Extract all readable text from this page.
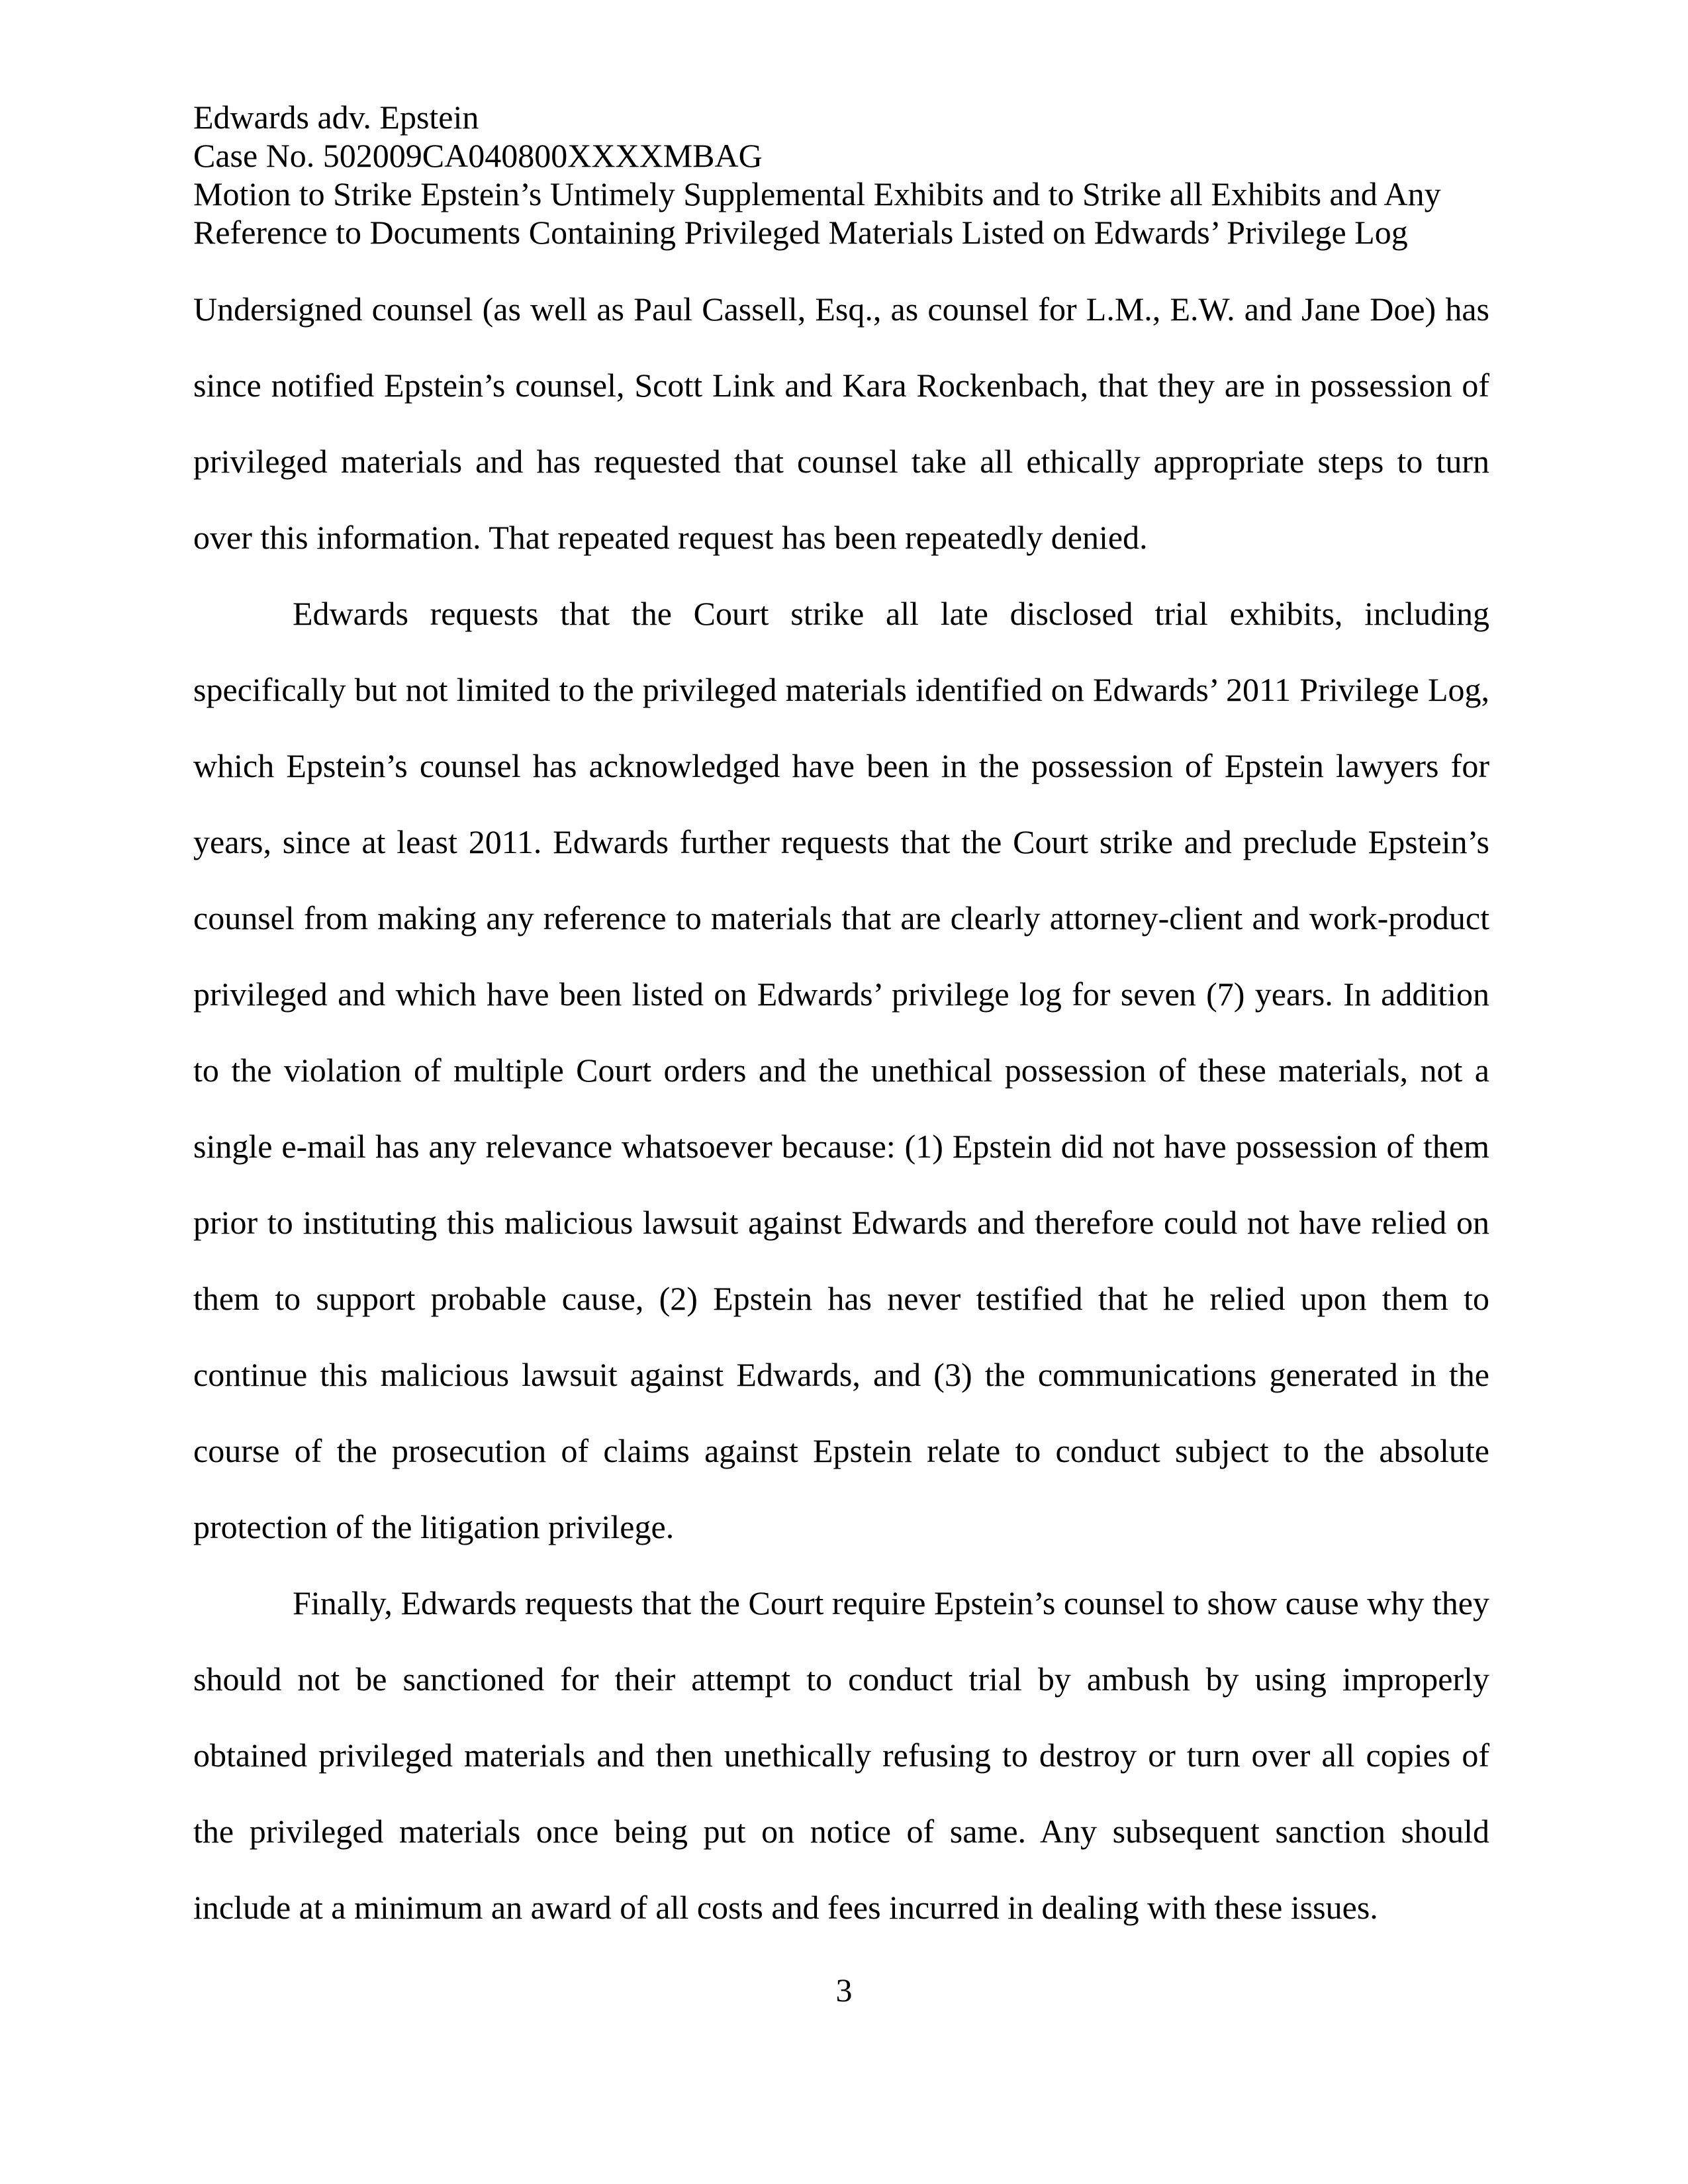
Edwards adv. Epstein
Case No. 502009CA040800XXXXMBAG
Motion to Strike Epstein’s Untimely Supplemental Exhibits and to Strike all Exhibits and Any
Reference to Documents Containing Privileged Materials Listed on Edwards’ Privilege Log

Undersigned counsel (as well as Paul Cassell, Esq., as counsel for L.M., E.W. and Jane Doe) has since notified Epstein’s counsel, Scott Link and Kara Rockenbach, that they are in possession of privileged materials and has requested that counsel take all ethically appropriate steps to turn over this information. That repeated request has been repeatedly denied.

Edwards requests that the Court strike all late disclosed trial exhibits, including specifically but not limited to the privileged materials identified on Edwards’ 2011 Privilege Log, which Epstein’s counsel has acknowledged have been in the possession of Epstein lawyers for years, since at least 2011. Edwards further requests that the Court strike and preclude Epstein’s counsel from making any reference to materials that are clearly attorney-client and work-product privileged and which have been listed on Edwards’ privilege log for seven (7) years. In addition to the violation of multiple Court orders and the unethical possession of these materials, not a single e-mail has any relevance whatsoever because: (1) Epstein did not have possession of them prior to instituting this malicious lawsuit against Edwards and therefore could not have relied on them to support probable cause, (2) Epstein has never testified that he relied upon them to continue this malicious lawsuit against Edwards, and (3) the communications generated in the course of the prosecution of claims against Epstein relate to conduct subject to the absolute protection of the litigation privilege.

Finally, Edwards requests that the Court require Epstein’s counsel to show cause why they should not be sanctioned for their attempt to conduct trial by ambush by using improperly obtained privileged materials and then unethically refusing to destroy or turn over all copies of the privileged materials once being put on notice of same. Any subsequent sanction should include at a minimum an award of all costs and fees incurred in dealing with these issues.

3
